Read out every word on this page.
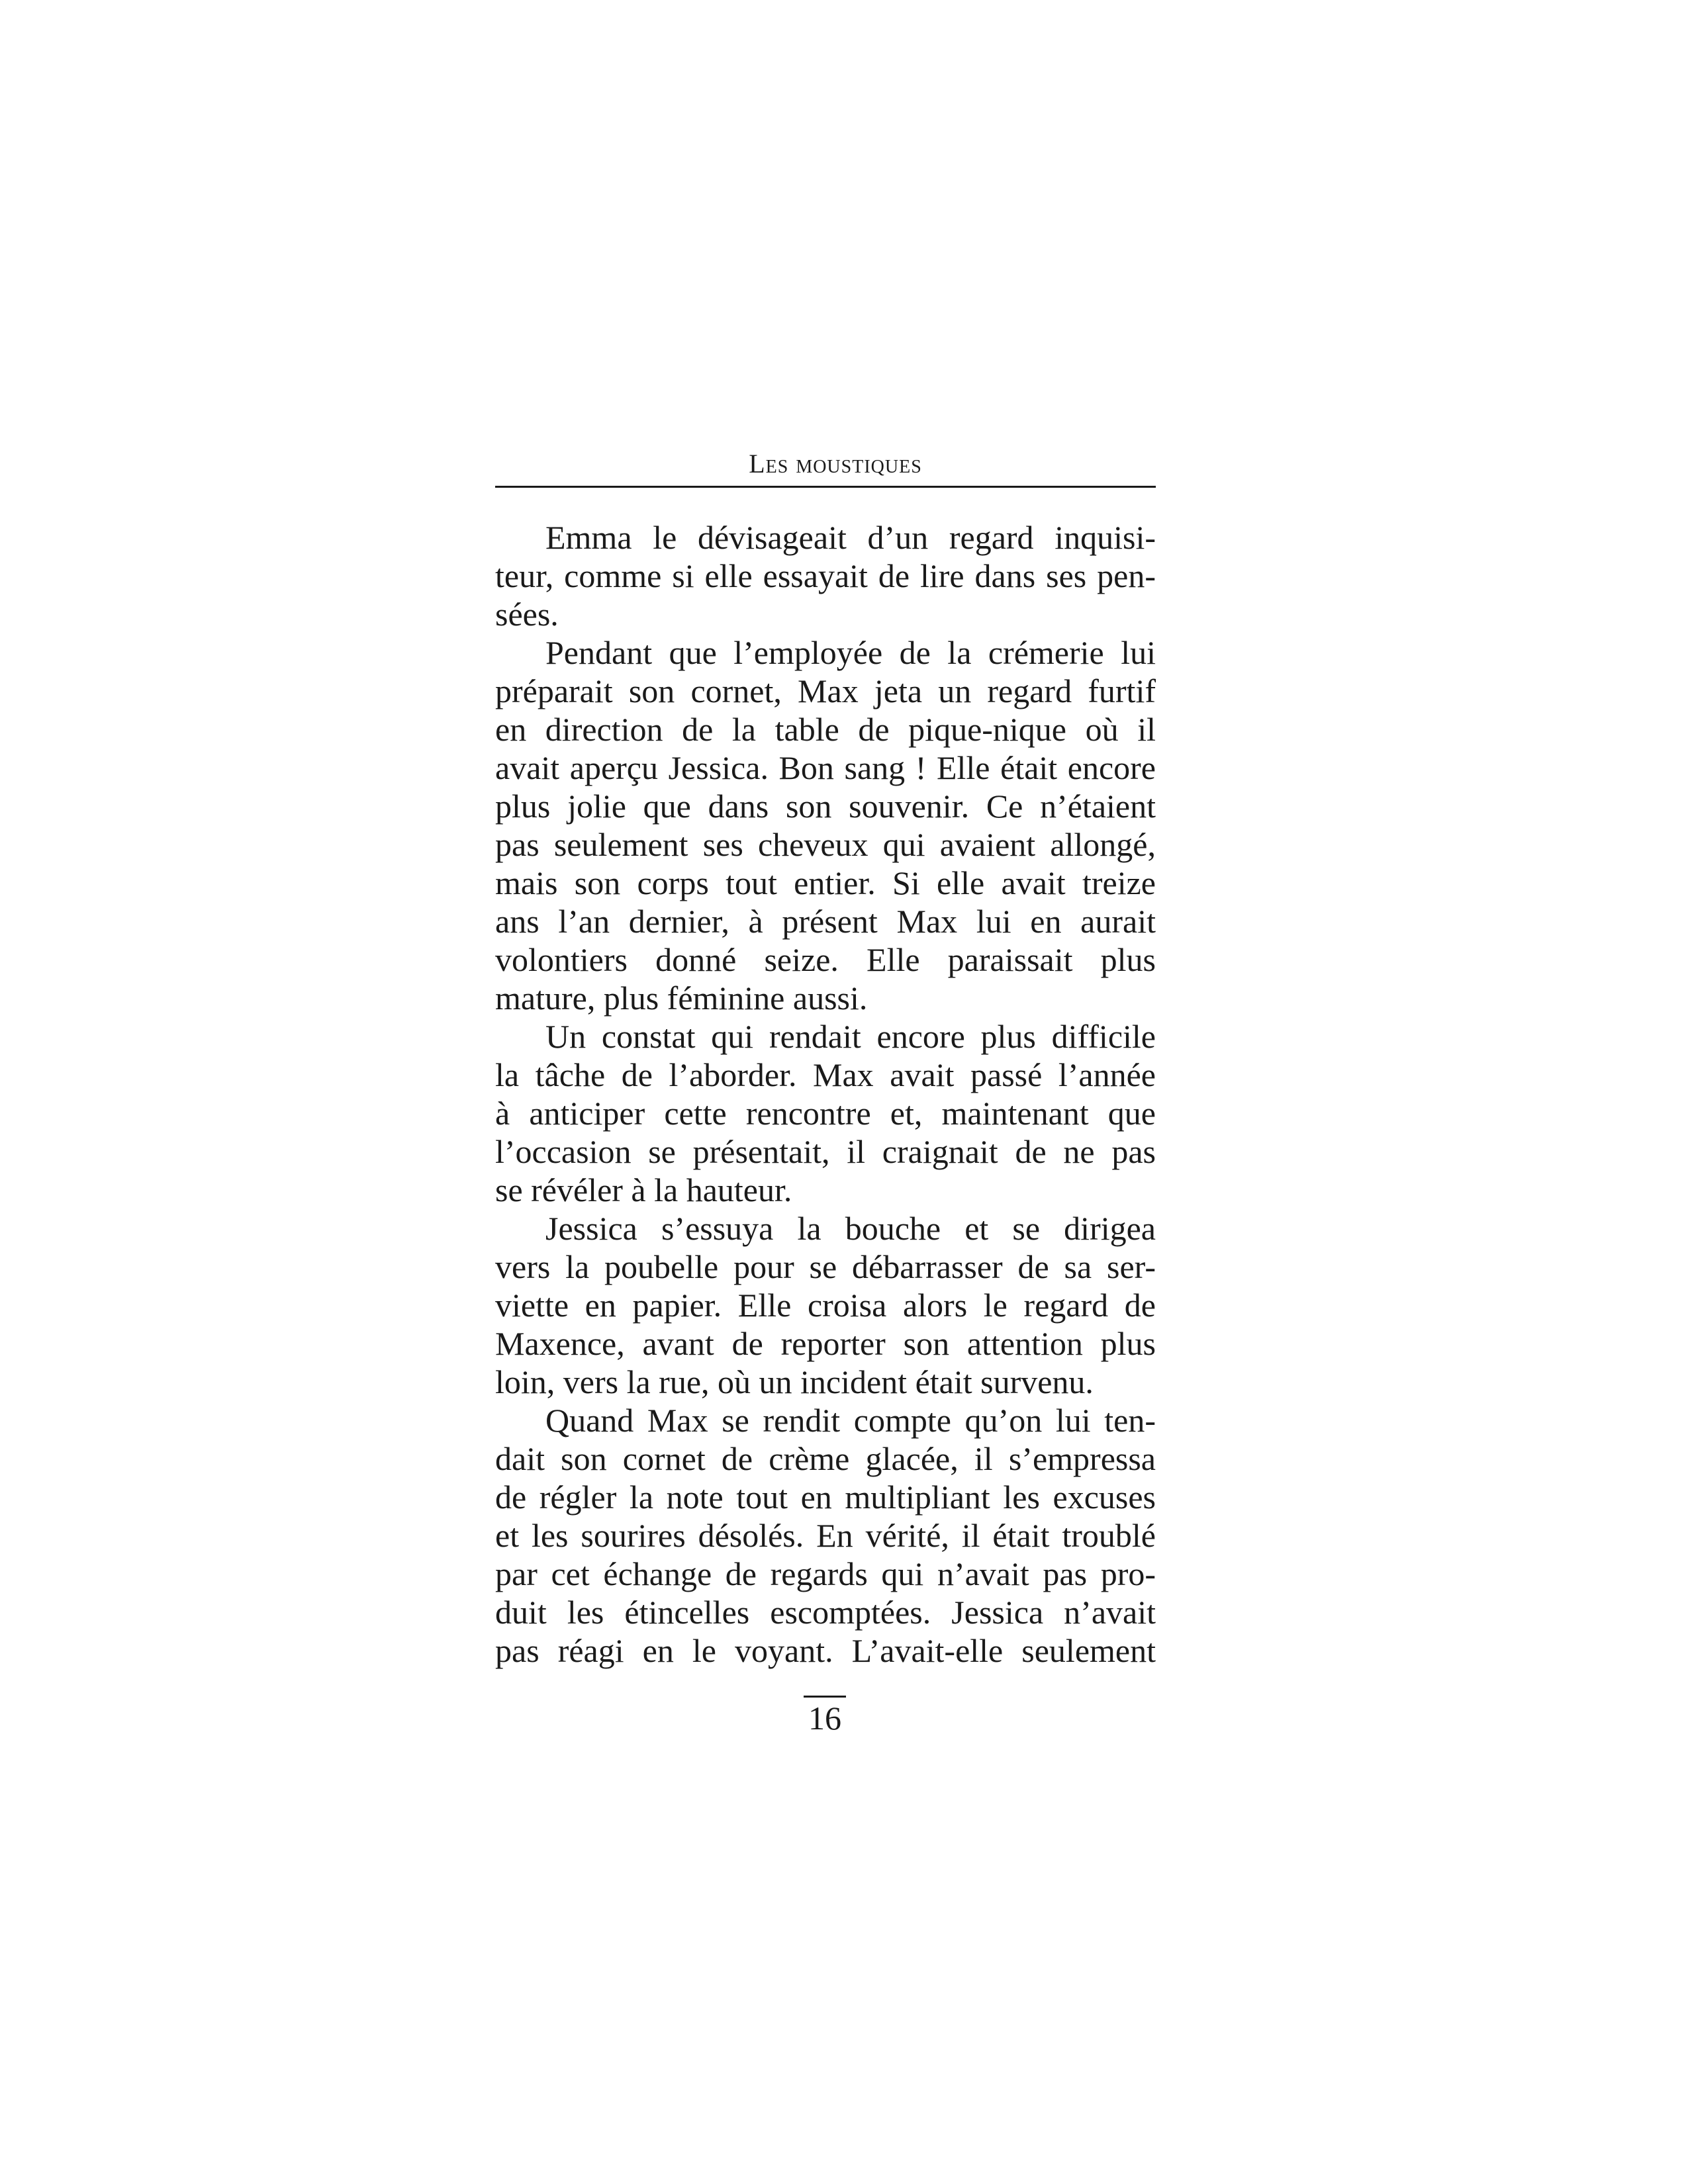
Les moustiques
Emma le dévisageait d’un regard inquisi-
teur, comme si elle essayait de lire dans ses pen-
sées.
Pendant que l’employée de la crémerie lui
préparait son cornet, Max jeta un regard furtif
en direction de la table de pique-nique où il
avait aperçu Jessica. Bon sang ! Elle était encore
plus jolie que dans son souvenir. Ce n’étaient
pas seulement ses cheveux qui avaient allongé,
mais son corps tout entier. Si elle avait treize
ans l’an dernier, à présent Max lui en aurait
volontiers donné seize. Elle paraissait plus
mature, plus féminine aussi.
Un constat qui rendait encore plus difficile
la tâche de l’aborder. Max avait passé l’année
à anticiper cette rencontre et, maintenant que
l’occasion se présentait, il craignait de ne pas
se révéler à la hauteur.
Jessica s’essuya la bouche et se dirigea
vers la poubelle pour se débarrasser de sa ser-
viette en papier. Elle croisa alors le regard de
Maxence, avant de reporter son attention plus
loin, vers la rue, où un incident était survenu.
Quand Max se rendit compte qu’on lui ten-
dait son cornet de crème glacée, il s’empressa
de régler la note tout en multipliant les excuses
et les sourires désolés. En vérité, il était troublé
par cet échange de regards qui n’avait pas pro-
duit les étincelles escomptées. Jessica n’avait
pas réagi en le voyant. L’avait-elle seulement
16
